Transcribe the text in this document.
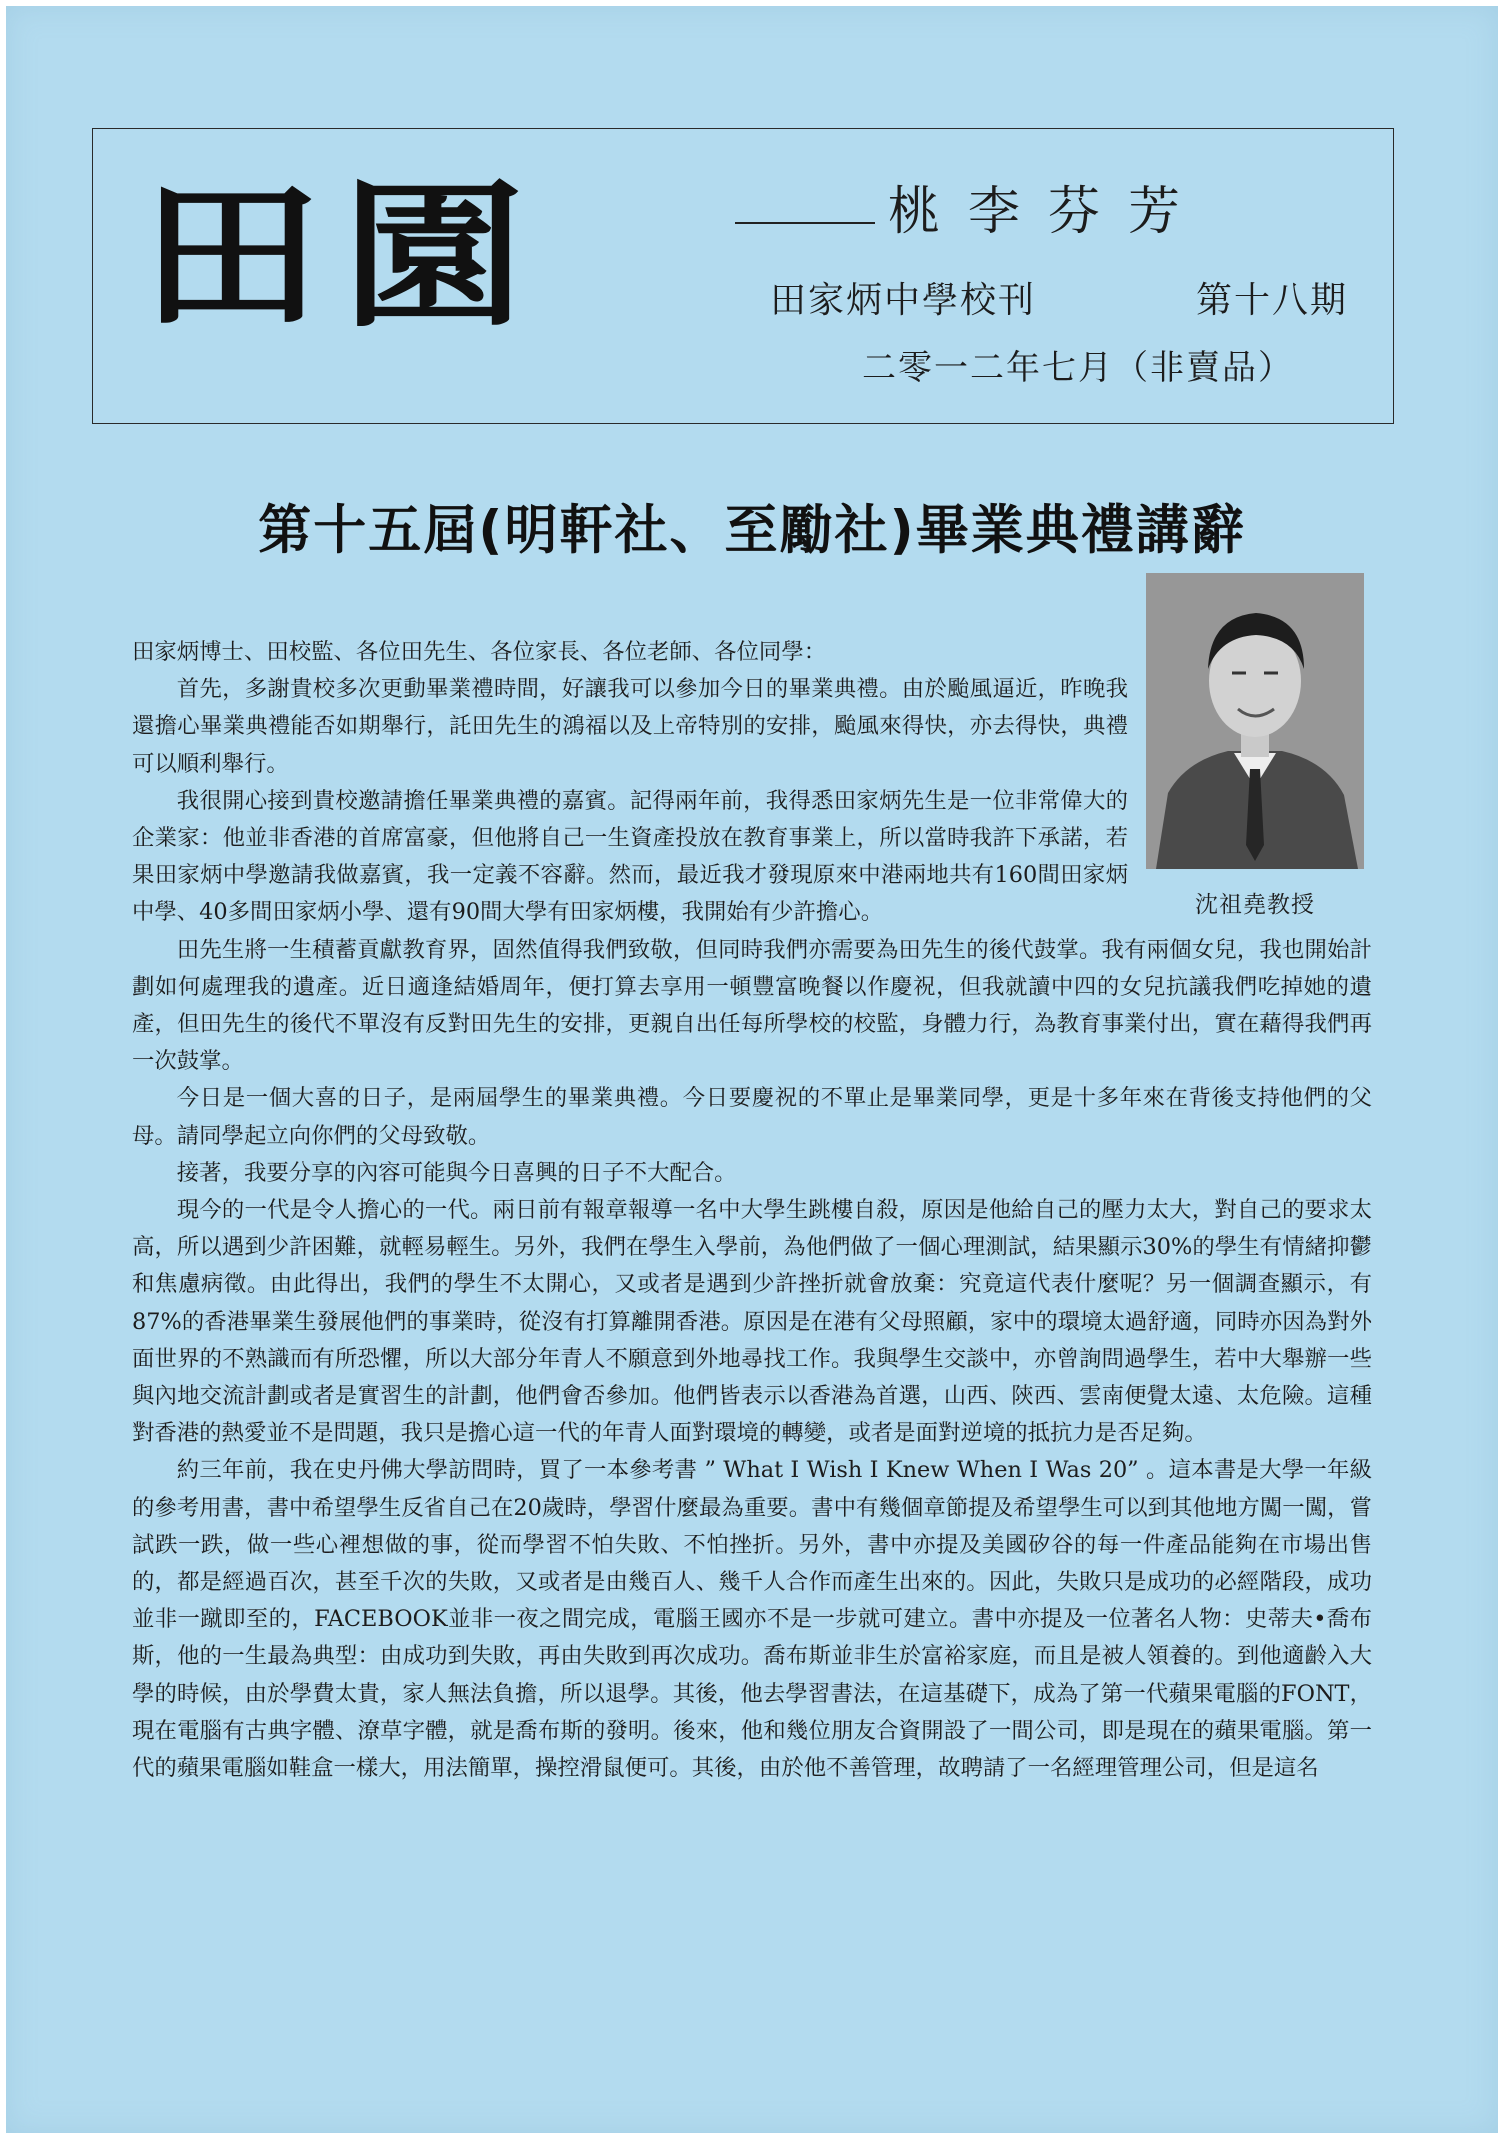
田園	桃李芬芳
田家炳中學校刊	第十八期
二零一二年七月（非賣品）
第十五屆(明軒社、至勵社)畢業典禮講辭
沈祖堯教授

田家炳博士、田校監、各位田先生、各位家長、各位老師、各位同學：

首先，多謝貴校多次更動畢業禮時間，好讓我可以參加今日的畢業典禮。由於颱風逼近，昨晚我還擔心畢業典禮能否如期舉行，託田先生的鴻福以及上帝特別的安排，颱風來得快，亦去得快，典禮可以順利舉行。

我很開心接到貴校邀請擔任畢業典禮的嘉賓。記得兩年前，我得悉田家炳先生是一位非常偉大的企業家：他並非香港的首席富豪，但他將自己一生資產投放在教育事業上，所以當時我許下承諾，若果田家炳中學邀請我做嘉賓，我一定義不容辭。然而，最近我才發現原來中港兩地共有160間田家炳中學、40多間田家炳小學、還有90間大學有田家炳樓，我開始有少許擔心。

田先生將一生積蓄貢獻教育界，固然值得我們致敬，但同時我們亦需要為田先生的後代鼓掌。我有兩個女兒，我也開始計劃如何處理我的遺產。近日適逢結婚周年，便打算去享用一頓豐富晚餐以作慶祝，但我就讀中四的女兒抗議我們吃掉她的遺產，但田先生的後代不單沒有反對田先生的安排，更親自出任每所學校的校監，身體力行，為教育事業付出，實在藉得我們再一次鼓掌。

今日是一個大喜的日子，是兩屆學生的畢業典禮。今日要慶祝的不單止是畢業同學，更是十多年來在背後支持他們的父母。請同學起立向你們的父母致敬。

接著，我要分享的內容可能與今日喜興的日子不大配合。

現今的一代是令人擔心的一代。兩日前有報章報導一名中大學生跳樓自殺，原因是他給自己的壓力太大，對自己的要求太高，所以遇到少許困難，就輕易輕生。另外，我們在學生入學前，為他們做了一個心理測試，結果顯示30%的學生有情緒抑鬱和焦慮病徵。由此得出，我們的學生不太開心，又或者是遇到少許挫折就會放棄：究竟這代表什麼呢？另一個調查顯示，有87%的香港畢業生發展他們的事業時，從沒有打算離開香港。原因是在港有父母照顧，家中的環境太過舒適，同時亦因為對外面世界的不熟識而有所恐懼，所以大部分年青人不願意到外地尋找工作。我與學生交談中，亦曾詢問過學生，若中大舉辦一些與內地交流計劃或者是實習生的計劃，他們會否參加。他們皆表示以香港為首選，山西、陝西、雲南便覺太遠、太危險。這種對香港的熱愛並不是問題，我只是擔心這一代的年青人面對環境的轉變，或者是面對逆境的抵抗力是否足夠。

約三年前，我在史丹佛大學訪問時，買了一本參考書 ” What I Wish I Knew When I Was 20” 。這本書是大學一年級的參考用書，書中希望學生反省自己在20歲時，學習什麼最為重要。書中有幾個章節提及希望學生可以到其他地方闖一闖，嘗試跌一跌，做一些心裡想做的事，從而學習不怕失敗、不怕挫折。另外，書中亦提及美國矽谷的每一件產品能夠在市場出售的，都是經過百次，甚至千次的失敗，又或者是由幾百人、幾千人合作而產生出來的。因此，失敗只是成功的必經階段，成功並非一蹴即至的，FACEBOOK並非一夜之間完成，電腦王國亦不是一步就可建立。書中亦提及一位著名人物：史蒂夫•喬布斯，他的一生最為典型：由成功到失敗，再由失敗到再次成功。喬布斯並非生於富裕家庭，而且是被人領養的。到他適齡入大學的時候，由於學費太貴，家人無法負擔，所以退學。其後，他去學習書法，在這基礎下，成為了第一代蘋果電腦的FONT，現在電腦有古典字體、潦草字體，就是喬布斯的發明。後來，他和幾位朋友合資開設了一間公司，即是現在的蘋果電腦。第一代的蘋果電腦如鞋盒一樣大，用法簡單，操控滑鼠便可。其後，由於他不善管理，故聘請了一名經理管理公司，但是這名
